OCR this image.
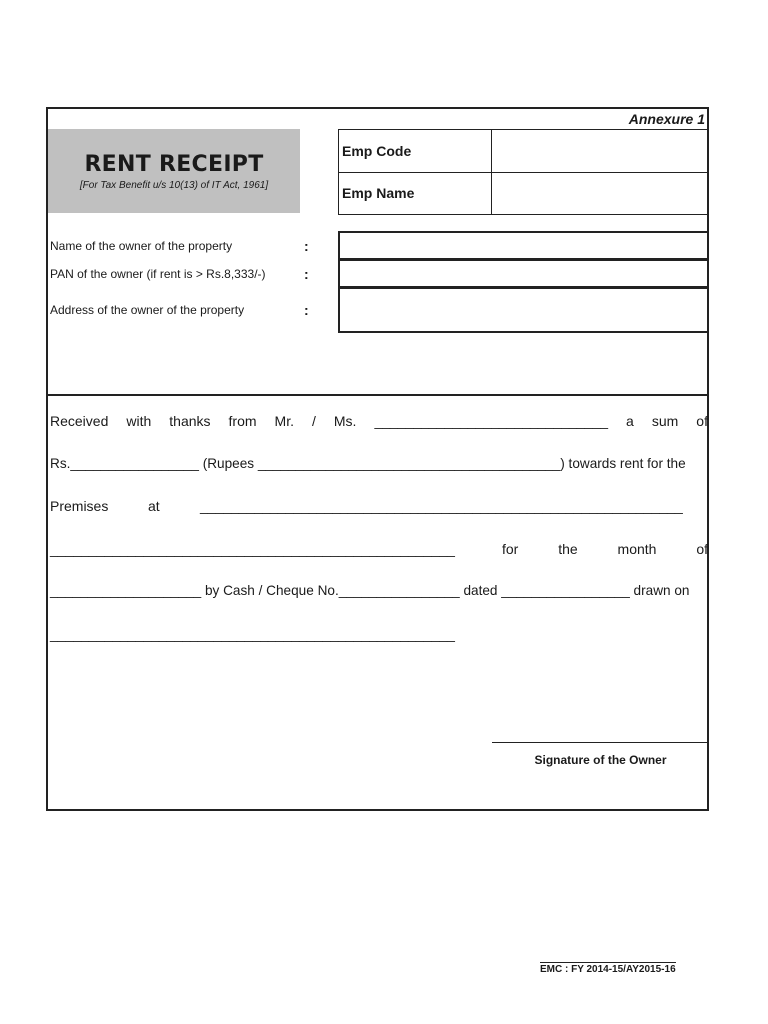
Annexure 1
RENT RECEIPT
[For Tax Benefit u/s 10(13) of IT Act, 1961]
Emp Code
Emp Name
Name of the owner of the property	:
PAN of the owner (if rent is > Rs.8,333/-)	:
Address of the owner of the property	:
Received with thanks from Mr. / Ms. ______________________________ a sum of
Rs._________________ (Rupees ________________________________________) towards rent for the
Premises	at	______________________________________________________________
____________________________________________________	for	the	month	of
____________________ by Cash / Cheque No.________________ dated _________________ drawn on
____________________________________________________
Signature of the Owner
EMC : FY 2014-15/AY2015-16
